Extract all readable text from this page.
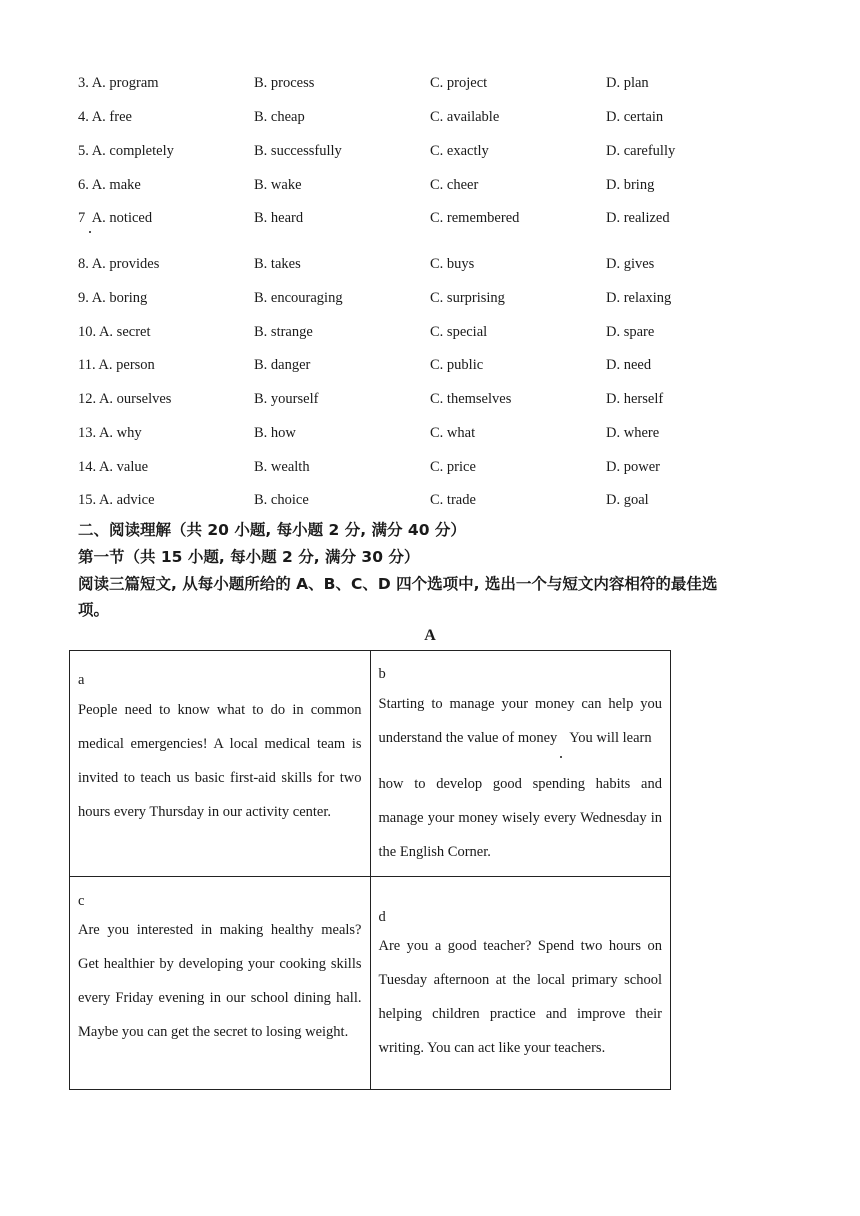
3. A. program	B. process	C. project	D. plan
4. A. free	B. cheap	C. available	D. certain
5. A. completely	B. successfully	C. exactly	D. carefully
6. A. make	B. wake	C. cheer	D. bring
7 A. noticed	B. heard	C. remembered	D. realized
8. A. provides	B. takes	C. buys	D. gives
9. A. boring	B. encouraging	C. surprising	D. relaxing
10. A. secret	B. strange	C. special	D. spare
11. A. person	B. danger	C. public	D. need
12. A. ourselves	B. yourself	C. themselves	D. herself
13. A. why	B. how	C. what	D. where
14. A. value	B. wealth	C. price	D. power
15. A. advice	B. choice	C. trade	D. goal
二、阅读理解（共 20 小题, 每小题 2 分, 满分 40 分）
第一节（共 15 小题, 每小题 2 分, 满分 30 分）
阅读三篇短文, 从每小题所给的 A、B、C、D 四个选项中, 选出一个与短文内容相符的最佳选
项。
A
a
People need to know what to do in common medical emergencies! A local medical team is invited to teach us basic first-aid skills for two hours every Thursday in our activity center.	b
Starting to manage your money can help you understand the value of money You will learn
how to develop good spending habits and manage your money wisely every Wednesday in the English Corner.

c
Are you interested in making healthy meals? Get healthier by developing your cooking skills every Friday evening in our school dining hall. Maybe you can get the secret to losing weight.	d
Are you a good teacher? Spend two hours on Tuesday afternoon at the local primary school helping children practice and improve their writing. You can act like your teachers.
